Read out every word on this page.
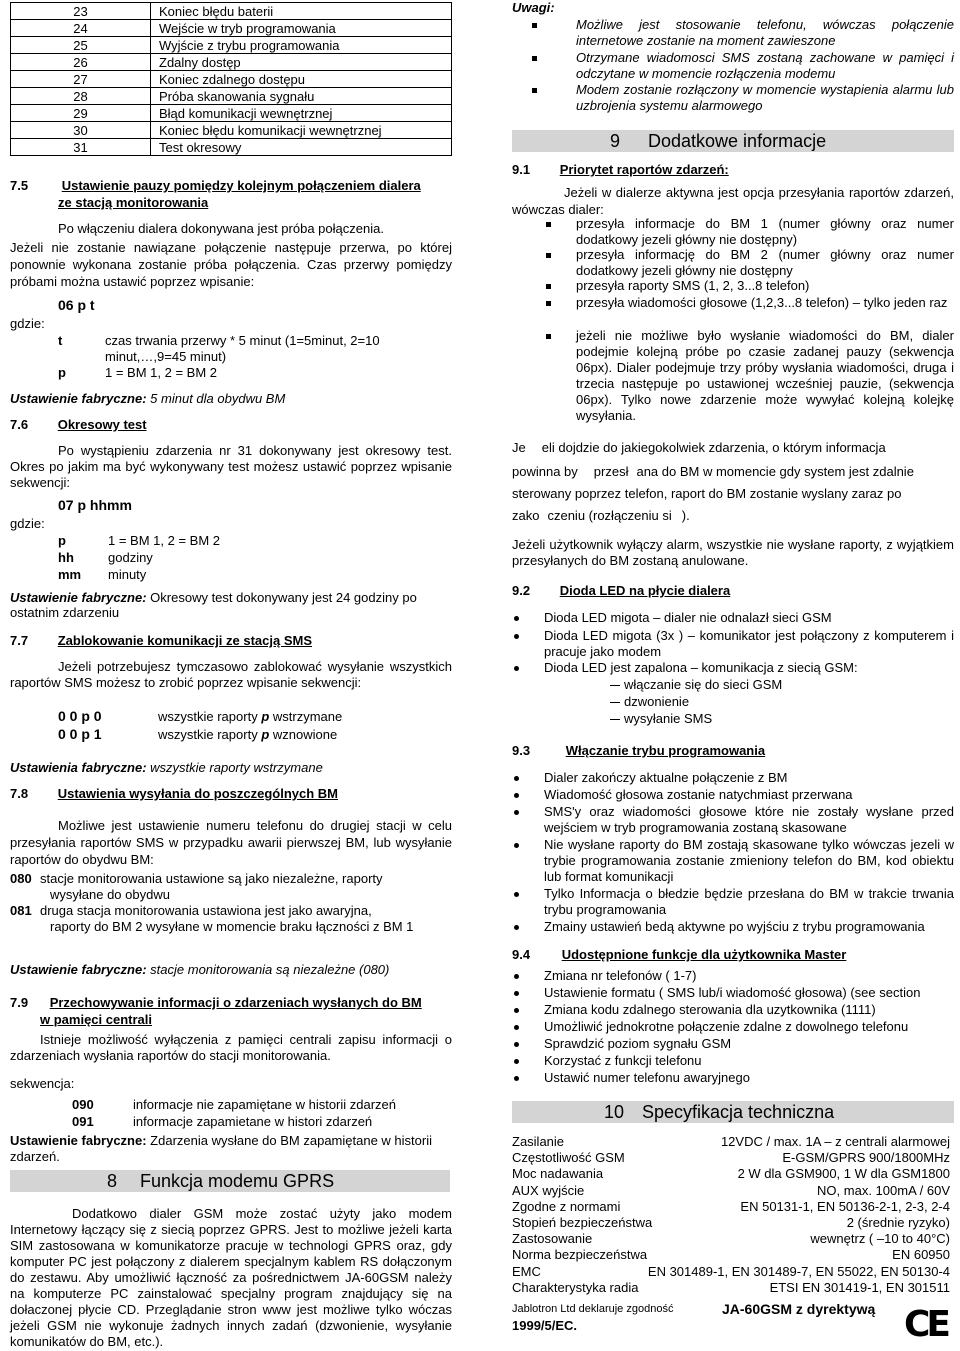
23	Koniec błędu baterii
24	Wejście w tryb programowania
25	Wyjście z trybu programowania
26	Zdalny dostęp
27	Koniec zdalnego dostępu
28	Próba skanowania sygnału
29	Błąd komunikacji wewnętrznej
30	Koniec błędu komunikacji wewnętrznej
31	Test okresowy
7.5	Ustawienie pauzy pomiędzy kolejnym połączeniem dialera
ze stacją monitorowania
Po włączeniu dialera dokonywana jest próba połączenia.

Jeżeli nie zostanie nawiązane połączenie następuje przerwa, po której ponownie wykonana zostanie próba połączenia. Czas przerwy pomiędzy próbami można ustawić poprzez wpisanie:

06 p t
gdzie:
t	czas trwania przerwy * 5 minut (1=5minut, 2=10
minut,…,9=45 minut)
p	1 = BM 1, 2 = BM 2
Ustawienie fabryczne: 5 minut dla obydwu BM
7.6 Okresowy test

Po wystąpieniu zdarzenia nr 31 dokonywany jest okresowy test. Okres po jakim ma być wykonywany test możesz ustawić poprzez wpisanie sekwencji:

07 p hhmm
gdzie:
Ustawienie fabryczne: Okresowy test dokonywany jest 24 godziny po ostatnim zdarzeniu
7.7 Zablokowanie komunikacji ze stacją SMS

Jeżeli potrzebujesz tymczasowo zablokować wysyłanie wszystkich raportów SMS możesz to zrobić poprzez wpisanie sekwencji:

0 0 p 0	wszystkie raporty p wstrzymane
0 0 p 1	wszystkie raporty p wznowione
Ustawienia fabryczne: wszystkie raporty wstrzymane
7.8 Ustawienia wysyłania do poszczególnych BM

Możliwe jest ustawienie numeru telefonu do drugiej stacji w celu przesyłania raportów SMS w przypadku awarii pierwszej BM, lub wysyłanie raportów do obydwu BM:

080 stacje monitorowania ustawione są jako niezależne, raporty
wysyłane do obydwu
081 druga stacja monitorowania ustawiona jest jako awaryjna,
raporty do BM 2 wysyłane w momencie braku łączności z BM 1
Ustawienie fabryczne: stacje monitorowania są niezależne (080)
7.9 Przechowywanie informacji o zdarzeniach wysłanych do BM
w pamięci centrali

Istnieje możliwość wyłączenia z pamięci centrali zapisu informacji o zdarzeniach wysłania raportów do stacji monitorowania.

sekwencja:
090	informacje nie zapamiętane w historii zdarzeń
091	informacje zapamietane w histori zdarzeń
Ustawienie fabryczne: Zdarzenia wysłane do BM zapamiętane w historii zdarzeń.
8 Funkcja modemu GPRS

Dodatkowo dialer GSM może zostać użyty jako modem Internetowy łączący się z siecią poprzez GPRS. Jest to możliwe jeżeli karta SIM zastosowana w komunikatorze pracuje w technologi GPRS oraz, gdy komputer PC jest połączony z dialerem specjalnym kablem RS dołączonym do zestawu. Aby umożliwić łączność za pośrednictwem JA-60GSM należy na komputerze PC zainstalować specjalny program znajdujący się na dołaczonej płycie CD. Przeglądanie stron www jest możliwe tylko wóczas jeżeli GSM nie wykonuje żadnych innych zadań (dzwonienie, wysyłanie komunikatów do BM, etc.).

p	1 = BM 1, 2 = BM 2
hh	godziny
mm minuty
Uwagi:
9 Dodatkowe informacje
9.1 Priorytet raportów zdarzeń:

Jeżeli w dialerze aktywna jest opcja przesyłania raportów zdarzeń, wówczas dialer:

Je eli dojdzie do jakiegokolwiek zdarzenia, o którym informacja
powinna by przesł ana do BM w momencie gdy system jest zdalnie
sterowany poprzez telefon, raport do BM zostanie wyslany zaraz po
zako czeniu (rozłączeniu si ).

Jeżeli użytkownik wyłączy alarm, wszystkie nie wysłane raporty, z wyjątkiem przesyłanych do BM zostaną anulowane.

9.2 Dioda LED na płycie dialera
9.3	Włączanie trybu programowania
9.4 Udostępnione funkcje dla użytkownika Master
10 Specyfikacja techniczna
Jablotron Ltd deklaruje zgodność	JA-60GSM z dyrektywą
1999/5/EC.	CE
Możliwe jest stosowanie telefonu, wówczas połączenie internetowe zostanie na moment zawieszone
Otrzymane wiadomosci SMS zostaną zachowane w pamięci i odczytane w momencie rozłączenia modemu
Modem zostanie rozłączony w momencie wystapienia alarmu lub uzbrojenia systemu alarmowego
przesyła informacje do BM 1 (numer główny oraz numer dodatkowy jezeli główny nie dostępny)
przesyła informację do BM 2 (numer główny oraz numer dodatkowy jezeli główny nie dostępny
przesyła raporty SMS (1, 2, 3...8 telefon)
przesyła wiadomości głosowe (1,2,3...8 telefon) – tylko jeden raz
jeżeli nie możliwe było wysłanie wiadomości do BM, dialer podejmie kolejną próbe po czasie zadanej pauzy (sekwencja 06px). Dialer podejmuje trzy próby wysłania wiadomości, druga i trzecia następuje po ustawionej wcześniej pauzie, (sekwencja 06px). Tylko nowe zdarzenie może wywyłać kolejną kolejkę wysyłania.
Dioda LED migota – dialer nie odnalazł sieci GSM
Dioda LED migota (3x ) – komunikator jest połączony z komputerem i pracuje jako modem
Dioda LED jest zapalona – komunikacja z siecią GSM:
włączanie się do sieci GSM
dzwonienie
wysyłanie SMS
Dialer zakończy aktualne połączenie z BM
Wiadomość głosowa zostanie natychmiast przerwana
SMS'y oraz wiadomości głosowe które nie zostały wysłane przed wejściem w tryb programowania zostaną skasowane
Nie wysłane raporty do BM zostają skasowane tylko wówczas jezeli w trybie programowania zostanie zmieniony telefon do BM, kod obiektu lub format komunikacji
Tylko Informacja o błedzie będzie przesłana do BM w trakcie trwania trybu programowania
Zmainy ustawień bedą aktywne po wyjściu z trybu programowania
Zmiana nr telefonów ( 1-7)
Ustawienie formatu ( SMS lub/i wiadomość głosowa) (see section
Zmiana kodu zdalnego sterowania dla uzytkownika (1111)
Umożliwić jednokrotne połączenie zdalne z dowolnego telefonu
Sprawdzić poziom sygnału GSM
Korzystać z funkcji telefonu
Ustawić numer telefonu awaryjnego
Zasilanie	12VDC / max. 1A – z centrali alarmowej
Częstotliwość GSM	E-GSM/GPRS 900/1800MHz
Moc nadawania	2 W dla GSM900, 1 W dla GSM1800
AUX wyjście	NO, max. 100mA / 60V
Zgodne z normami	EN 50131-1, EN 50136-2-1, 2-3, 2-4
Stopień bezpieczeństwa	2 (średnie ryzyko)
Zastosowanie	wewnętrz ( –10 to 40°C)
Norma bezpieczeństwa	EN 60950
EMC	EN 301489-1, EN 301489-7, EN 55022, EN 50130-4
Charakterystyka radia	ETSI EN 301419-1, EN 301511
